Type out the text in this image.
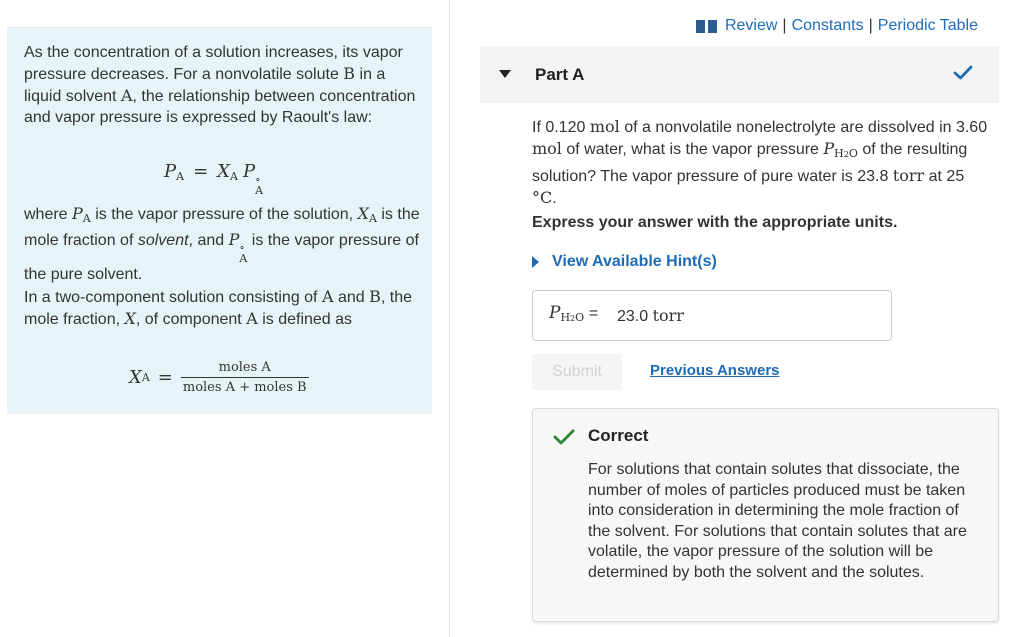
As the concentration of a solution increases, its vapor pressure decreases. For a nonvolatile solute B in a liquid solvent A, the relationship between concentration and vapor pressure is expressed by Raoult's law:

$P_A = X_A$ P ∘
A

where $P_A$ is the vapor pressure of the solution, $X_A$ is the mole fraction of solvent, and P ∘
A
is the vapor pressure of the pure solvent.

In a two-component solution consisting of A and B, the mole fraction, X, of component A is defined as

X $A = \frac{\text{moles A}}{\text{moles A + moles B}}$
Review | Constants | Periodic Table
Part A

If 0.120 mol of a nonvolatile nonelectrolyte are dissolved in 3.60 mol of water, what is the vapor pressure $P_{H2O}$ of the resulting solution? The vapor pressure of pure water is 23.8 torr at 25 °C.

Express your answer with the appropriate units.
View Available Hint(s)
$P_{H2O} = 23.0$ torr
Submit	Previous Answers
Correct

For solutions that contain solutes that dissociate, the number of moles of particles produced must be taken into consideration in determining the mole fraction of the solvent. For solutions that contain solutes that are volatile, the vapor pressure of the solution will be determined by both the solvent and the solutes.
